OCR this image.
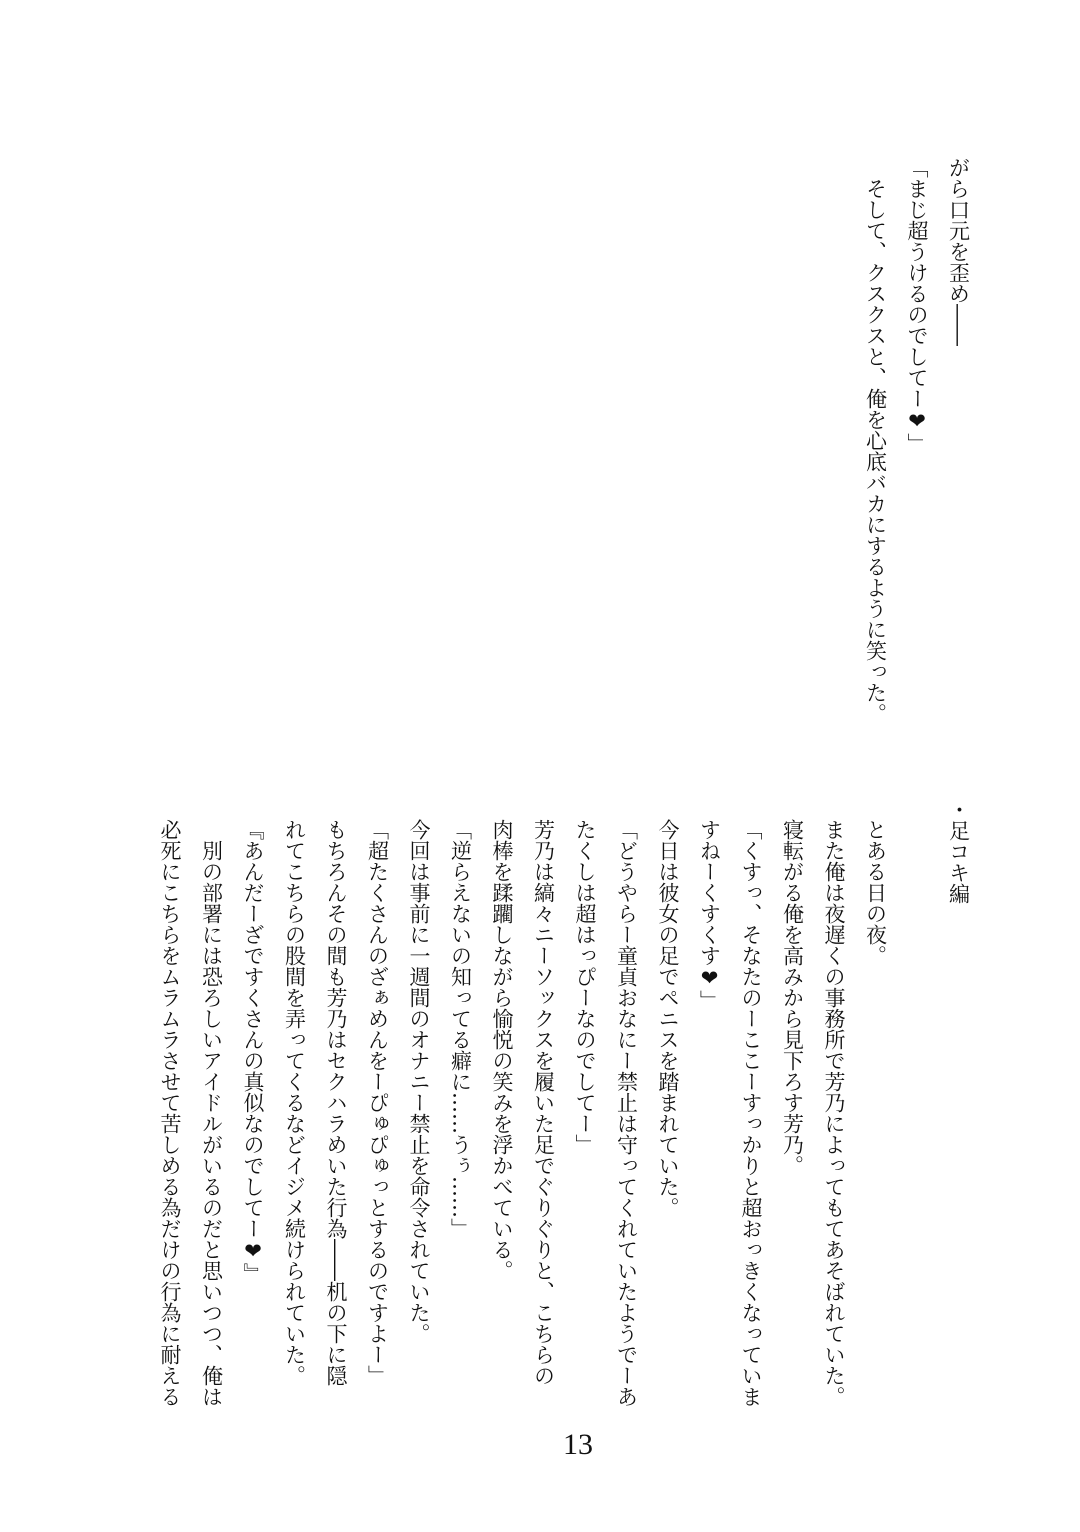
がら口元を歪め――
「まじ超うけるのでしてー❤」
　そして、クスクスと、俺を心底バカにするように笑った。
・足コキ編
とある日の夜。
また俺は夜遅くの事務所で芳乃によってもてあそばれていた。
寝転がる俺を高みから見下ろす芳乃。
「くすっ、そなたのーここーすっかりと超おっきくなっていま
すねーくすくす❤」
今日は彼女の足でペニスを踏まれていた。
「どうやらー童貞おなにー禁止は守ってくれていたようでーあ
たくしは超はっぴーなのでしてー」
芳乃は縞々ニーソックスを履いた足でぐりぐりと、こちらの
肉棒を蹂躙しながら愉悦の笑みを浮かべている。
「逆らえないの知ってる癖に……うぅ……」
今回は事前に一週間のオナニー禁止を命令されていた。
「超たくさんのざぁめんをーぴゅぴゅっとするのですよー」
もちろんその間も芳乃はセクハラめいた行為――机の下に隠
れてこちらの股間を弄ってくるなどイジメ続けられていた。
『あんだーざですくさんの真似なのでしてー❤』
　別の部署には恐ろしいアイドルがいるのだと思いつつ、俺は
必死にこちらをムラムラさせて苦しめる為だけの行為に耐える
13
